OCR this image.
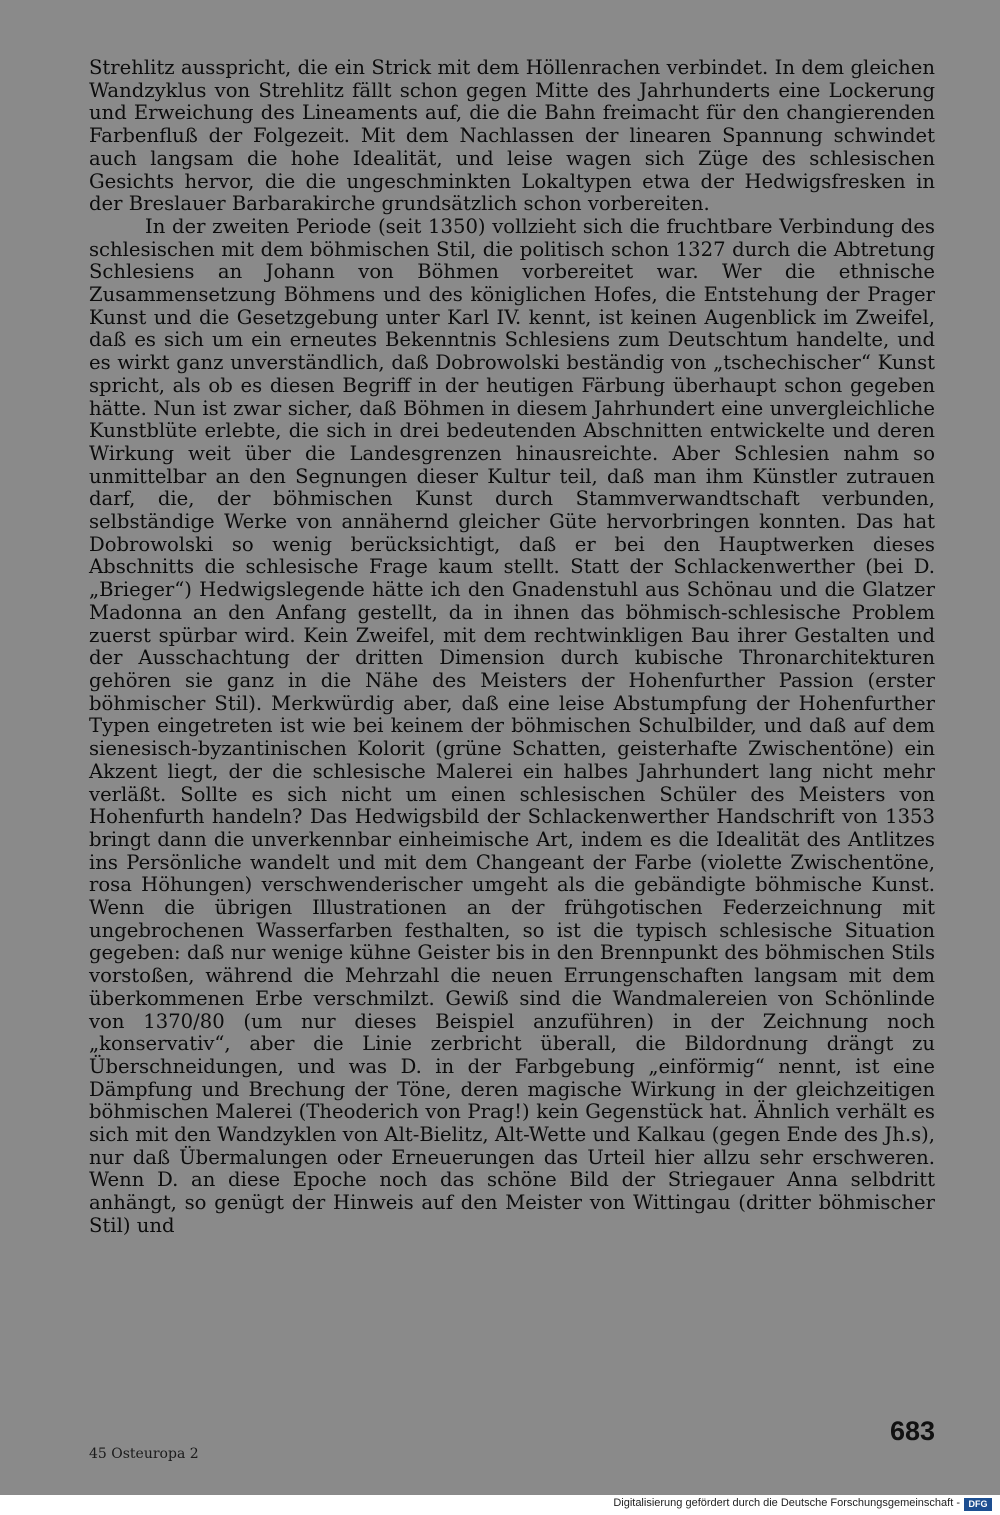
Strehlitz ausspricht, die ein Strick mit dem Höllenrachen verbindet. In dem gleichen Wandzyklus von Strehlitz fällt schon gegen Mitte des Jahrhunderts eine Lockerung und Erweichung des Lineaments auf, die die Bahn freimacht für den changierenden Farbenfluß der Folgezeit. Mit dem Nachlassen der linearen Spannung schwindet auch langsam die hohe Idealität, und leise wagen sich Züge des schlesischen Gesichts hervor, die die ungeschminkten Lokaltypen etwa der Hedwigsfresken in der Breslauer Barbarakirche grundsätzlich schon vorbereiten.

In der zweiten Periode (seit 1350) vollzieht sich die fruchtbare Verbindung des schlesischen mit dem böhmischen Stil, die politisch schon 1327 durch die Abtretung Schlesiens an Johann von Böhmen vorbereitet war. Wer die ethnische Zusammensetzung Böhmens und des königlichen Hofes, die Entstehung der Prager Kunst und die Gesetzgebung unter Karl IV. kennt, ist keinen Augenblick im Zweifel, daß es sich um ein erneutes Bekenntnis Schlesiens zum Deutschtum handelte, und es wirkt ganz unverständlich, daß Dobrowolski beständig von „tschechischer“ Kunst spricht, als ob es diesen Begriff in der heutigen Färbung überhaupt schon gegeben hätte. Nun ist zwar sicher, daß Böhmen in diesem Jahrhundert eine unvergleichliche Kunstblüte erlebte, die sich in drei bedeutenden Abschnitten entwickelte und deren Wirkung weit über die Landesgrenzen hinausreichte. Aber Schlesien nahm so unmittelbar an den Segnungen dieser Kultur teil, daß man ihm Künstler zutrauen darf, die, der böhmischen Kunst durch Stammverwandtschaft verbunden, selbständige Werke von annähernd gleicher Güte hervorbringen konnten. Das hat Dobrowolski so wenig berücksichtigt, daß er bei den Hauptwerken dieses Abschnitts die schlesische Frage kaum stellt. Statt der Schlackenwerther (bei D. „Brieger“) Hedwigslegende hätte ich den Gnadenstuhl aus Schönau und die Glatzer Madonna an den Anfang gestellt, da in ihnen das böhmisch-schlesische Problem zuerst spürbar wird. Kein Zweifel, mit dem rechtwinkligen Bau ihrer Gestalten und der Ausschachtung der dritten Dimension durch kubische Thronarchitekturen gehören sie ganz in die Nähe des Meisters der Hohenfurther Passion (erster böhmischer Stil). Merkwürdig aber, daß eine leise Abstumpfung der Hohenfurther Typen eingetreten ist wie bei keinem der böhmischen Schulbilder, und daß auf dem sienesisch-byzantinischen Kolorit (grüne Schatten, geisterhafte Zwischentöne) ein Akzent liegt, der die schlesische Malerei ein halbes Jahrhundert lang nicht mehr verläßt. Sollte es sich nicht um einen schlesischen Schüler des Meisters von Hohenfurth handeln? Das Hedwigsbild der Schlackenwerther Handschrift von 1353 bringt dann die unverkennbar einheimische Art, indem es die Idealität des Antlitzes ins Persönliche wandelt und mit dem Changeant der Farbe (violette Zwischentöne, rosa Höhungen) verschwenderischer umgeht als die gebändigte böhmische Kunst. Wenn die übrigen Illustrationen an der frühgotischen Federzeichnung mit ungebrochenen Wasserfarben festhalten, so ist die typisch schlesische Situation gegeben: daß nur wenige kühne Geister bis in den Brennpunkt des böhmischen Stils vorstoßen, während die Mehrzahl die neuen Errungenschaften langsam mit dem überkommenen Erbe verschmilzt. Gewiß sind die Wandmalereien von Schönlinde von 1370/80 (um nur dieses Beispiel anzuführen) in der Zeichnung noch „konservativ“, aber die Linie zerbricht überall, die Bildordnung drängt zu Überschneidungen, und was D. in der Farbgebung „einförmig“ nennt, ist eine Dämpfung und Brechung der Töne, deren magische Wirkung in der gleichzeitigen böhmischen Malerei (Theoderich von Prag!) kein Gegenstück hat. Ähnlich verhält es sich mit den Wandzyklen von Alt-Bielitz, Alt-Wette und Kalkau (gegen Ende des Jh.s), nur daß Übermalungen oder Erneuerungen das Urteil hier allzu sehr erschweren. Wenn D. an diese Epoche noch das schöne Bild der Striegauer Anna selbdritt anhängt, so genügt der Hinweis auf den Meister von Wittingau (dritter böhmischer Stil) und

683
45 Osteuropa 2
Digitalisierung gefördert durch die Deutsche Forschungsgemeinschaft - DFG
